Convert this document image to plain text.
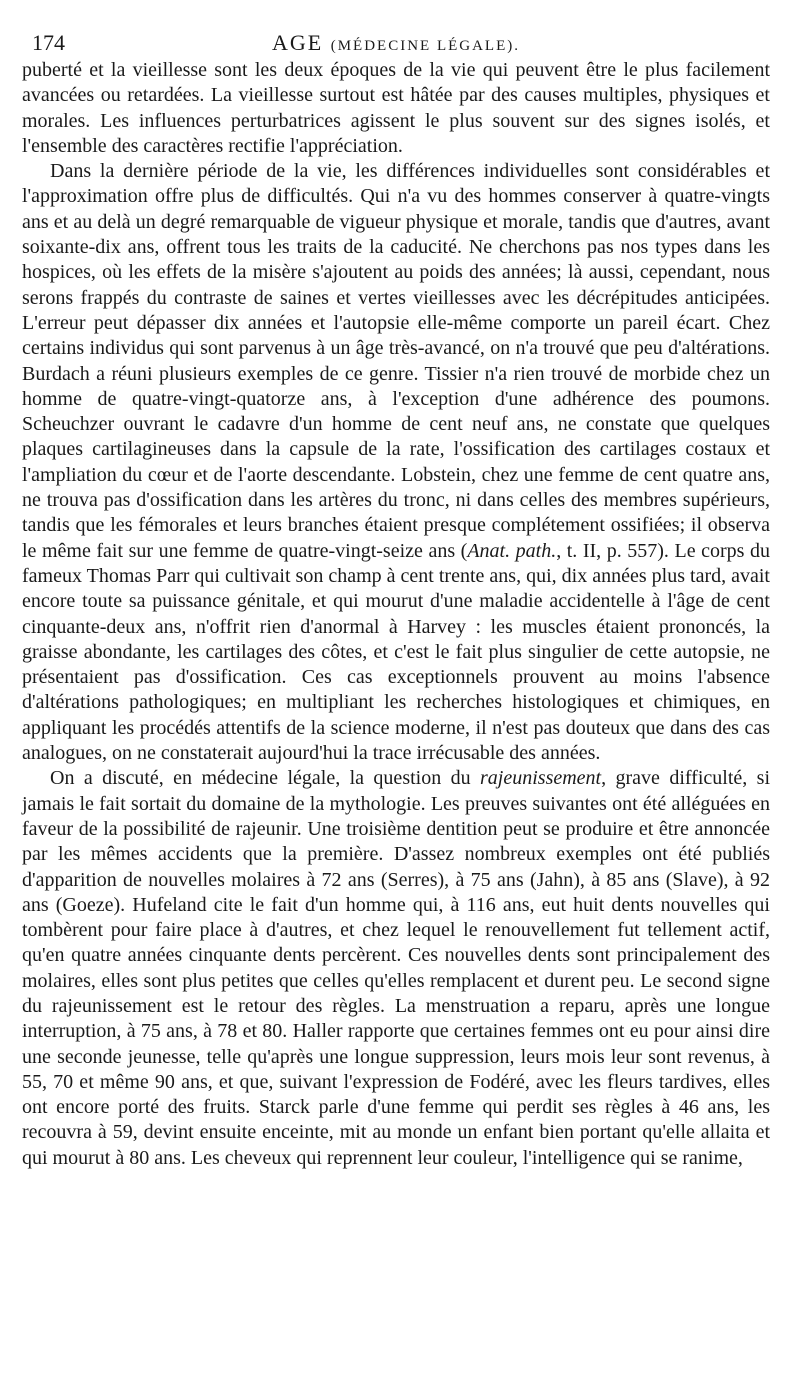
174	AGE (MÉDECINE LÉGALE).

puberté et la vieillesse sont les deux époques de la vie qui peuvent être le plus facilement avancées ou retardées. La vieillesse surtout est hâtée par des causes multiples, physiques et morales. Les influences perturbatrices agissent le plus souvent sur des signes isolés, et l'ensemble des caractères rectifie l'appréciation.

Dans la dernière période de la vie, les différences individuelles sont considérables et l'approximation offre plus de difficultés. Qui n'a vu des hommes conserver à quatre-vingts ans et au delà un degré remarquable de vigueur physique et morale, tandis que d'autres, avant soixante-dix ans, offrent tous les traits de la caducité. Ne cherchons pas nos types dans les hospices, où les effets de la misère s'ajoutent au poids des années; là aussi, cependant, nous serons frappés du contraste de saines et vertes vieillesses avec les décrépitudes anticipées. L'erreur peut dépasser dix années et l'autopsie elle-même comporte un pareil écart. Chez certains individus qui sont parvenus à un âge très-avancé, on n'a trouvé que peu d'altérations. Burdach a réuni plusieurs exemples de ce genre. Tissier n'a rien trouvé de morbide chez un homme de quatre-vingt-quatorze ans, à l'exception d'une adhérence des poumons. Scheuchzer ouvrant le cadavre d'un homme de cent neuf ans, ne constate que quelques plaques cartilagineuses dans la capsule de la rate, l'ossification des cartilages costaux et l'ampliation du cœur et de l'aorte descendante. Lobstein, chez une femme de cent quatre ans, ne trouva pas d'ossification dans les artères du tronc, ni dans celles des membres supérieurs, tandis que les fémorales et leurs branches étaient presque complétement ossifiées; il observa le même fait sur une femme de quatre-vingt-seize ans (Anat. path., t. II, p. 557). Le corps du fameux Thomas Parr qui cultivait son champ à cent trente ans, qui, dix années plus tard, avait encore toute sa puissance génitale, et qui mourut d'une maladie accidentelle à l'âge de cent cinquante-deux ans, n'offrit rien d'anormal à Harvey : les muscles étaient prononcés, la graisse abondante, les cartilages des côtes, et c'est le fait plus singulier de cette autopsie, ne présentaient pas d'ossification. Ces cas exceptionnels prouvent au moins l'absence d'altérations pathologiques; en multipliant les recherches histologiques et chimiques, en appliquant les procédés attentifs de la science moderne, il n'est pas douteux que dans des cas analogues, on ne constaterait aujourd'hui la trace irrécusable des années.

On a discuté, en médecine légale, la question du rajeunissement, grave difficulté, si jamais le fait sortait du domaine de la mythologie. Les preuves suivantes ont été alléguées en faveur de la possibilité de rajeunir. Une troisième dentition peut se produire et être annoncée par les mêmes accidents que la première. D'assez nombreux exemples ont été publiés d'apparition de nouvelles molaires à 72 ans (Serres), à 75 ans (Jahn), à 85 ans (Slave), à 92 ans (Goeze). Hufeland cite le fait d'un homme qui, à 116 ans, eut huit dents nouvelles qui tombèrent pour faire place à d'autres, et chez lequel le renouvellement fut tellement actif, qu'en quatre années cinquante dents percèrent. Ces nouvelles dents sont principalement des molaires, elles sont plus petites que celles qu'elles remplacent et durent peu. Le second signe du rajeunissement est le retour des règles. La menstruation a reparu, après une longue interruption, à 75 ans, à 78 et 80. Haller rapporte que certaines femmes ont eu pour ainsi dire une seconde jeunesse, telle qu'après une longue suppression, leurs mois leur sont revenus, à 55, 70 et même 90 ans, et que, suivant l'expression de Fodéré, avec les fleurs tardives, elles ont encore porté des fruits. Starck parle d'une femme qui perdit ses règles à 46 ans, les recouvra à 59, devint ensuite enceinte, mit au monde un enfant bien portant qu'elle allaita et qui mourut à 80 ans. Les cheveux qui reprennent leur couleur, l'intelligence qui se ranime,
